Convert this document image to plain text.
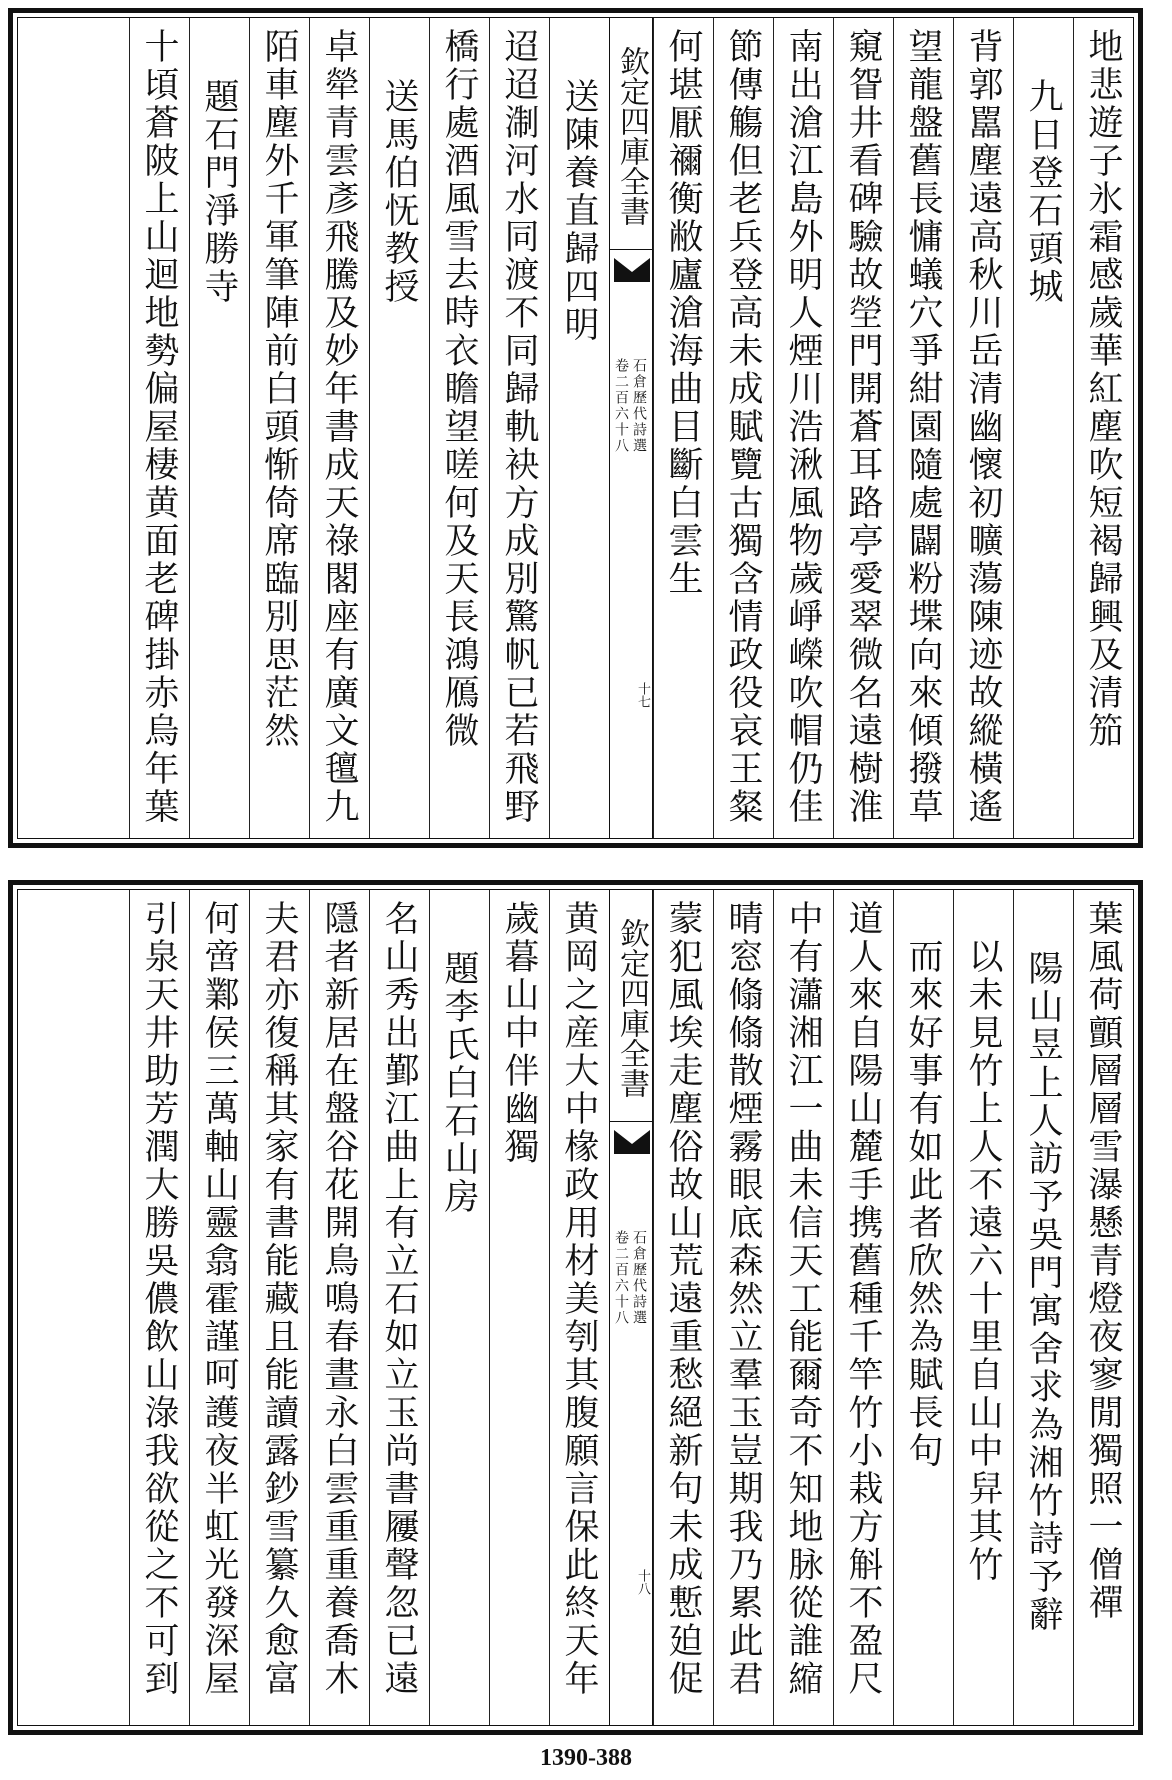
地悲遊子氷霜感歲華紅塵吹短褐歸興及清笳
九日登石頭城
背郭嚚塵遠高秋川岳清幽懷初曠蕩陳迹故縱橫遙
望龍盤舊長慵蟻穴爭紺園隨處闢粉堞向來傾撥草
窺眢井看碑驗故塋門開蒼耳路亭愛翠微名遠樹淮
南出滄江島外明人煙川浩湫風物歲崢嶸吹帽仍佳
節傳觴但老兵登高未成賦覽古獨含情政役哀王粲
何堪厭禰衡敝廬滄海曲目斷白雲生
欽定四庫全書
石倉歷代詩選
卷二百六十八
十七
送陳養直歸四明
迢迢淛河水同渡不同歸軌袂方成別驚帆已若飛野
橋行處酒風雪去時衣瞻望嗟何及天長鴻鴈微
送馬伯怃教授
卓犖青雲彥飛騰及妙年書成天祿閣座有廣文氊九
陌車塵外千軍筆陣前白頭惭倚席臨別思茫然
題石門淨勝寺
十頃蒼陂上山迴地勢偏屋棲黄面老碑掛赤烏年葉
葉風荷顫層層雪瀑懸青燈夜寥閒獨照一僧禪
陽山昱上人訪予吳門寓舍求為湘竹詩予辭
以未見竹上人不遠六十里自山中舁其竹
而來好事有如此者欣然為賦長句
道人來自陽山麓手携舊種千竿竹小栽方斛不盈尺
中有瀟湘江一曲未信天工能爾奇不知地脉從誰縮
晴窓翛翛散煙霧眼底森然立羣玉豈期我乃累此君
蒙犯風埃走塵俗故山荒遠重愁絕新句未成慙廹促
欽定四庫全書
石倉歷代詩選
卷二百六十八
十八
黄岡之産大中椽政用材美刳其腹願言保此終天年
歲暮山中伴幽獨
題李氏白石山房
名山秀出鄞江曲上有立石如立玉尚書屨聲忽已遠
隱者新居在盤谷花開鳥鳴春晝永白雲重重養喬木
夫君亦復稱其家有書能藏且能讀露鈔雪纂久愈富
何啻鄴侯三萬軸山靈翕霍謹呵護夜半虹光發深屋
引泉天井助芳潤大勝吳儂飲山淥我欲從之不可到
1390-388
